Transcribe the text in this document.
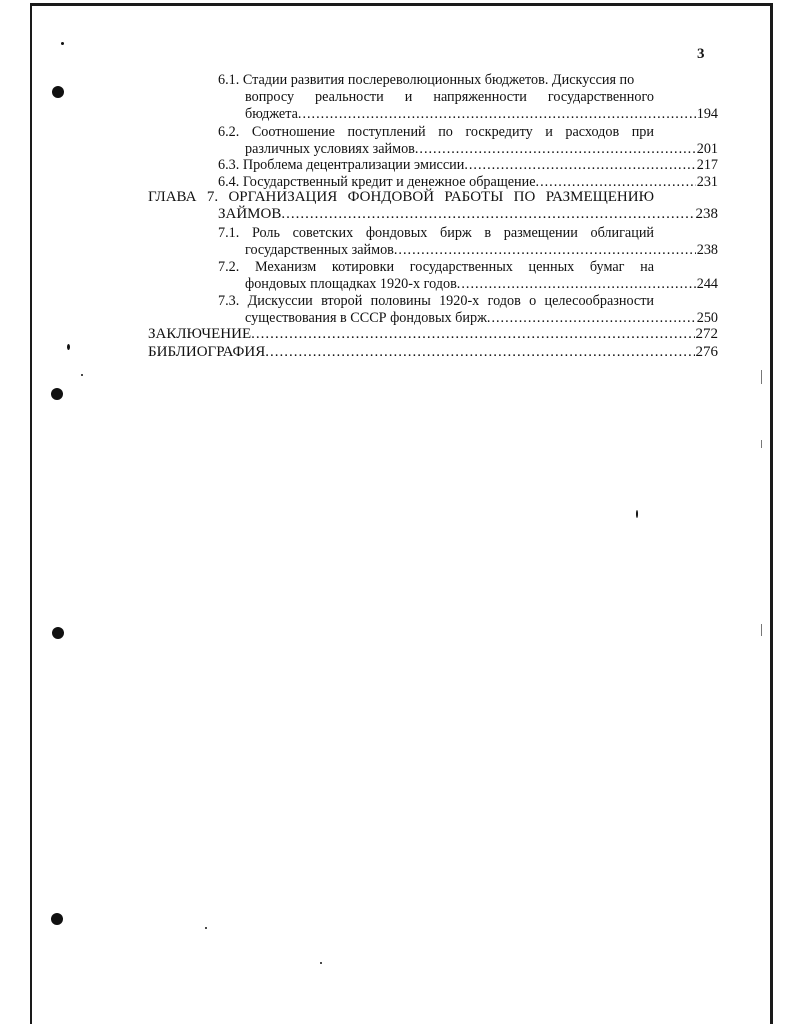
3
6.1. Стадии развития послереволюционных бюджетов. Дискуссия по
вопросу реальности и напряженности государственного
бюджета .....	194
6.2. Соотношение поступлений по госкредиту и расходов при
различных условиях займов .....	201
6.3. Проблема децентрализации эмиссии .....	217
6.4. Государственный кредит и денежное обращение .....	231
ГЛАВА 7. ОРГАНИЗАЦИЯ ФОНДОВОЙ РАБОТЫ ПО РАЗМЕЩЕНИЮ
ЗАЙМОВ .....	238
7.1. Роль советских фондовых бирж в размещении облигаций
государственных займов .....	238
7.2. Механизм котировки государственных ценных бумаг на
фондовых площадках 1920-х годов .....	244
7.3. Дискуссии второй половины 1920-х годов о целесообразности
существования в СССР фондовых бирж .....	250
ЗАКЛЮЧЕНИЕ .....	272
БИБЛИОГРАФИЯ .....	276
